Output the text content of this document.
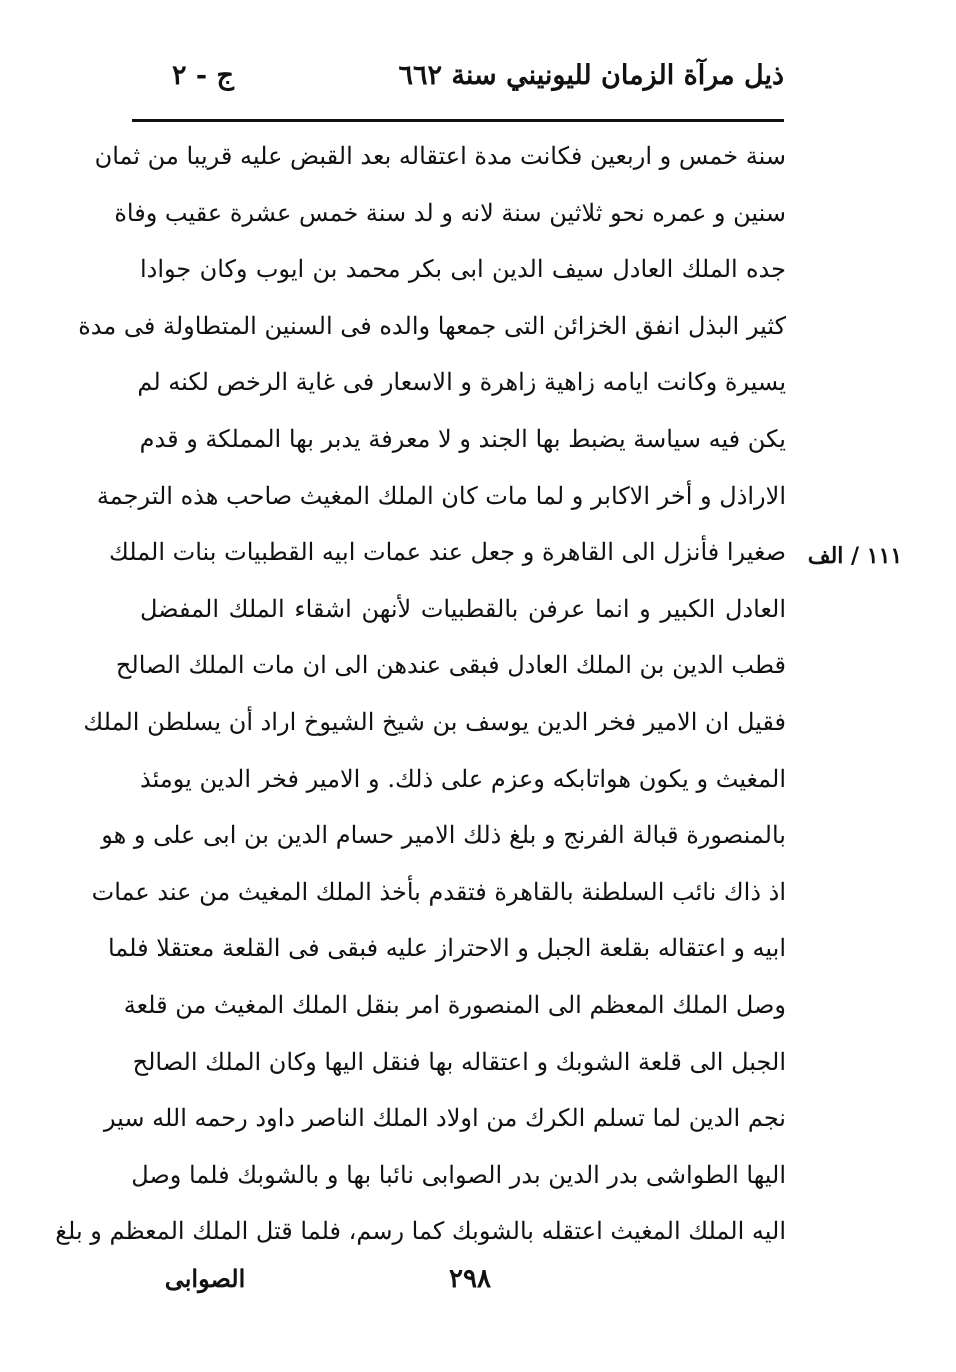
ذيل مرآة الزمان لليونيني سنة ٦٦٢
ج - ٢
١١١ / الف
سنة خمس و اربعين فكانت مدة اعتقاله بعد القبض عليه قريبا من ثمان
سنين و عمره نحو ثلاثين سنة لانه و لد سنة خمس عشرة عقيب وفاة
جده الملك العادل سيف الدين ابى بكر محمد بن ايوب وكان جوادا
كثير البذل انفق الخزائن التى جمعها والده فى السنين المتطاولة فى مدة
يسيرة وكانت ايامه زاهية زاهرة و الاسعار فى غاية الرخص لكنه لم
يكن فيه سياسة يضبط بها الجند و لا معرفة يدبر بها المملكة و قدم
الاراذل و أخر الاكابر و لما مات كان الملك المغيث صاحب هذه الترجمة
صغيرا فأنزل الى القاهرة و جعل عند عمات ابيه القطبيات بنات الملك
العادل الكبير و انما عرفن بالقطبيات لأنهن اشقاء الملك المفضل
قطب الدين بن الملك العادل فبقى عندهن الى ان مات الملك الصالح
فقيل ان الامير فخر الدين يوسف بن شيخ الشيوخ اراد أن يسلطن الملك
المغيث و يكون هواتابكه وعزم على ذلك. و الامير فخر الدين يومئذ
بالمنصورة قبالة الفرنج و بلغ ذلك الامير حسام الدين بن ابى على و هو
اذ ذاك نائب السلطنة بالقاهرة فتقدم بأخذ الملك المغيث من عند عمات
ابيه و اعتقاله بقلعة الجبل و الاحتراز عليه فبقى فى القلعة معتقلا فلما
وصل الملك المعظم الى المنصورة امر بنقل الملك المغيث من قلعة
الجبل الى قلعة الشوبك و اعتقاله بها فنقل اليها وكان الملك الصالح
نجم الدين لما تسلم الكرك من اولاد الملك الناصر داود رحمه الله سير
اليها الطواشى بدر الدين بدر الصوابى نائبا بها و بالشوبك فلما وصل
اليه الملك المغيث اعتقله بالشوبك كما رسم، فلما قتل الملك المعظم و بلغ
٢٩٨
الصوابى
